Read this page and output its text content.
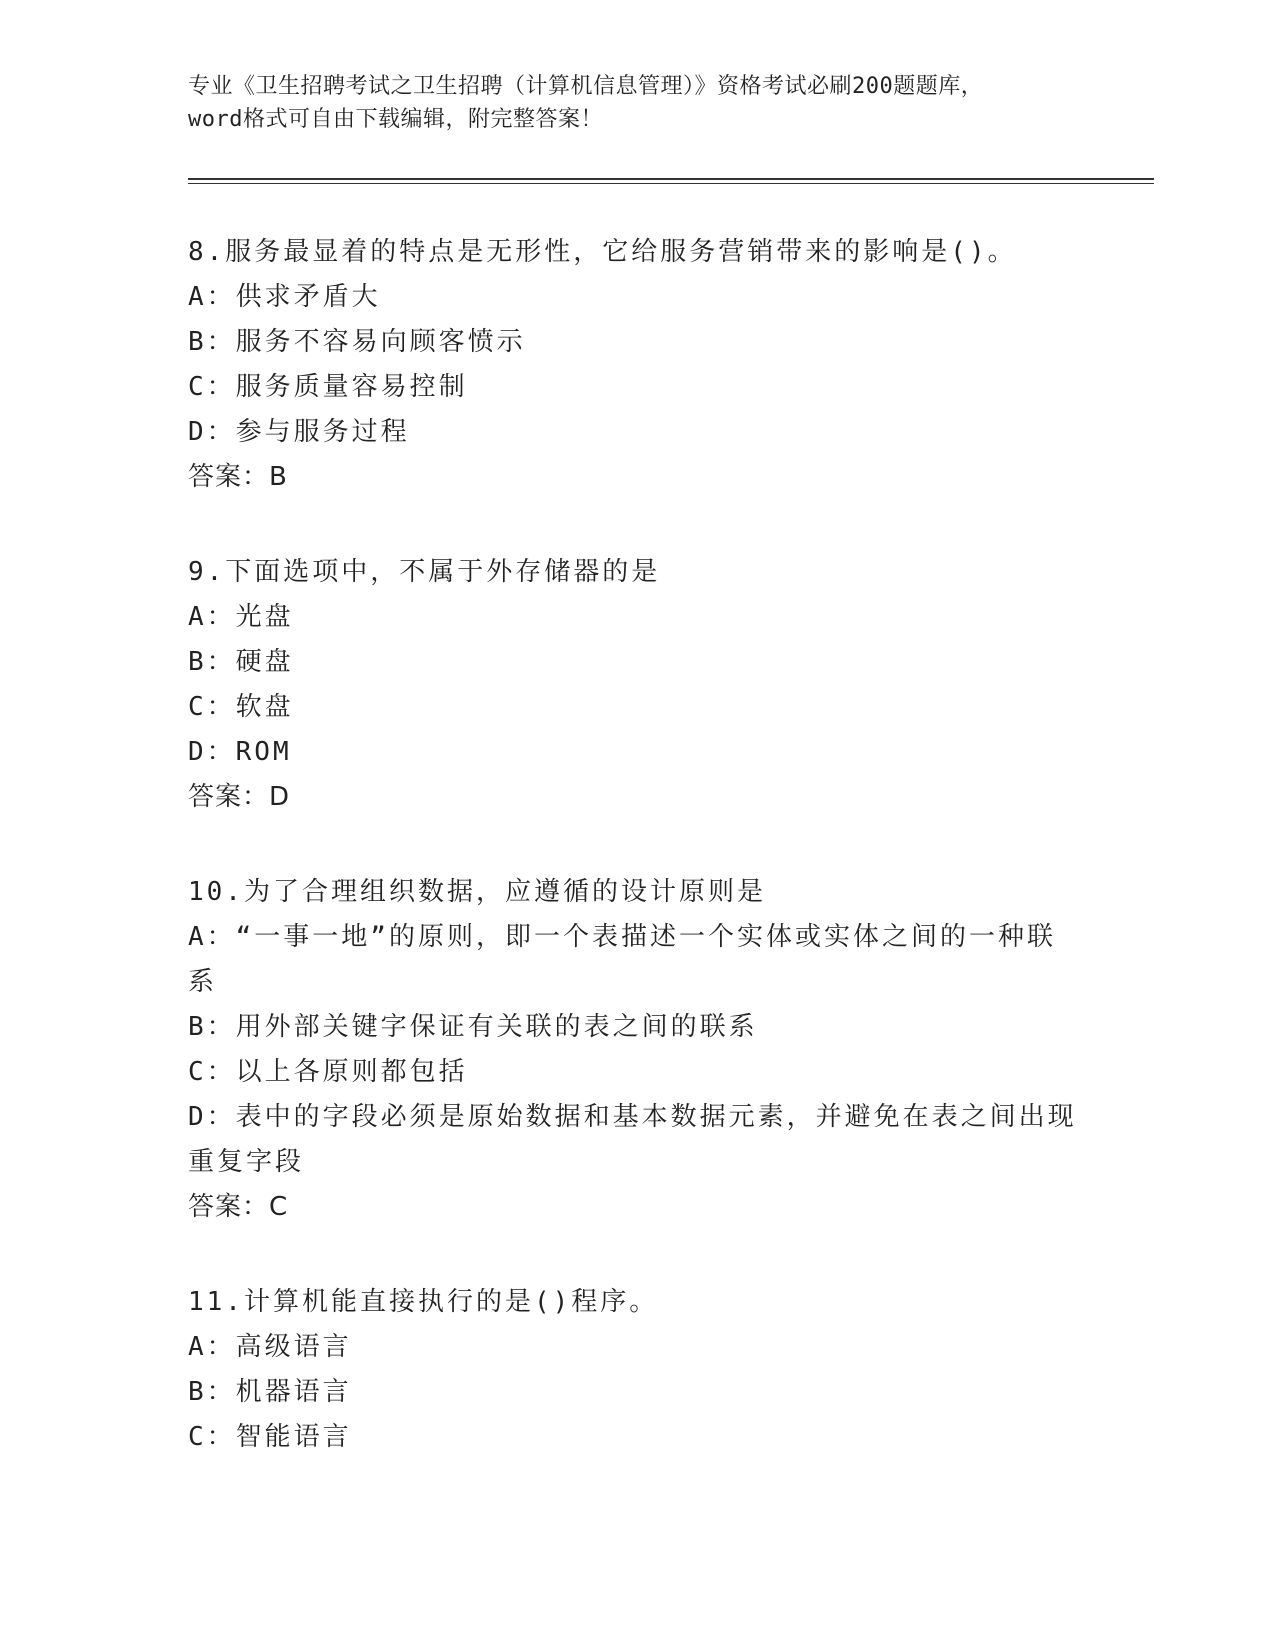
专业《卫生招聘考试之卫生招聘（计算机信息管理）》资格考试必刷200题题库，
word格式可自由下载编辑，附完整答案！
8.服务最显着的特点是无形性，它给服务营销带来的影响是()。
A：供求矛盾大
B：服务不容易向顾客愤示
C：服务质量容易控制
D：参与服务过程
答案：B
9.下面选项中，不属于外存储器的是
A：光盘
B：硬盘
C：软盘
D：ROM
答案：D
10.为了合理组织数据，应遵循的设计原则是
A：“一事一地”的原则，即一个表描述一个实体或实体之间的一种联
系
B：用外部关键字保证有关联的表之间的联系
C：以上各原则都包括
D：表中的字段必须是原始数据和基本数据元素，并避免在表之间出现
重复字段
答案：C
11.计算机能直接执行的是()程序。
A：高级语言
B：机器语言
C：智能语言
